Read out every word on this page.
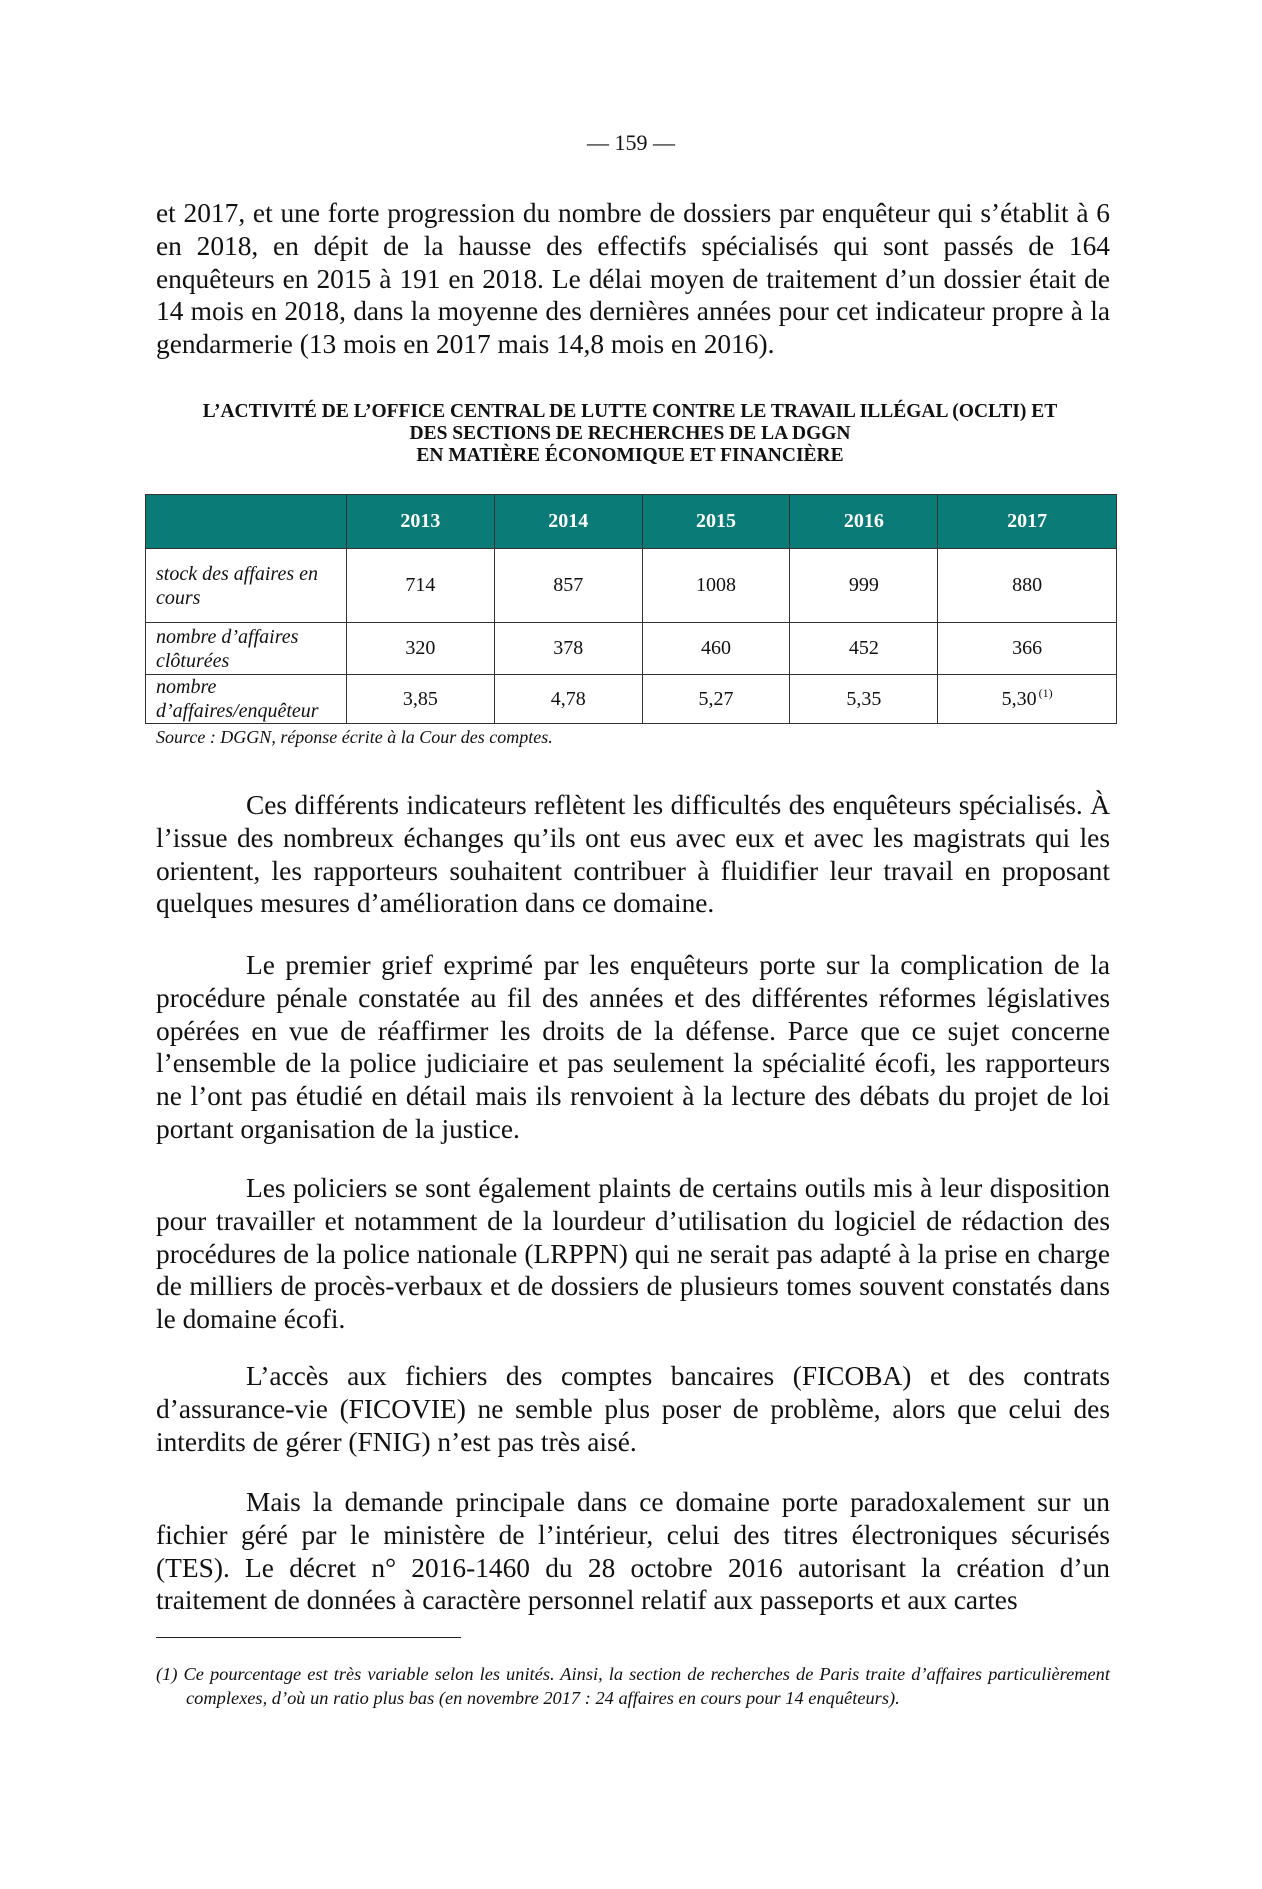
— 159 —

et 2017, et une forte progression du nombre de dossiers par enquêteur qui s’établit à 6 en 2018, en dépit de la hausse des effectifs spécialisés qui sont passés de 164 enquêteurs en 2015 à 191 en 2018. Le délai moyen de traitement d’un dossier était de 14 mois en 2018, dans la moyenne des dernières années pour cet indicateur propre à la gendarmerie (13 mois en 2017 mais 14,8 mois en 2016).

L’ACTIVITÉ DE L’OFFICE CENTRAL DE LUTTE CONTRE LE TRAVAIL ILLÉGAL (OCLTI) ET
DES SECTIONS DE RECHERCHES DE LA DGGN
EN MATIÈRE ÉCONOMIQUE ET FINANCIÈRE
	2013	2014	2015	2016	2017
stock des affaires en cours	714	857	1008	999	880
nombre d’affaires clôturées	320	378	460	452	366
nombre d’affaires/enquêteur	3,85	4,78	5,27	5,35	5,30 $^{(1)}$
Source : DGGN, réponse écrite à la Cour des comptes.

Ces différents indicateurs reflètent les difficultés des enquêteurs spécialisés. À l’issue des nombreux échanges qu’ils ont eus avec eux et avec les magistrats qui les orientent, les rapporteurs souhaitent contribuer à fluidifier leur travail en proposant quelques mesures d’amélioration dans ce domaine.

Le premier grief exprimé par les enquêteurs porte sur la complication de la procédure pénale constatée au fil des années et des différentes réformes législatives opérées en vue de réaffirmer les droits de la défense. Parce que ce sujet concerne l’ensemble de la police judiciaire et pas seulement la spécialité écofi, les rapporteurs ne l’ont pas étudié en détail mais ils renvoient à la lecture des débats du projet de loi portant organisation de la justice.

Les policiers se sont également plaints de certains outils mis à leur disposition pour travailler et notamment de la lourdeur d’utilisation du logiciel de rédaction des procédures de la police nationale (LRPPN) qui ne serait pas adapté à la prise en charge de milliers de procès-verbaux et de dossiers de plusieurs tomes souvent constatés dans le domaine écofi.

L’accès aux fichiers des comptes bancaires (FICOBA) et des contrats d’assurance-vie (FICOVIE) ne semble plus poser de problème, alors que celui des interdits de gérer (FNIG) n’est pas très aisé.

Mais la demande principale dans ce domaine porte paradoxalement sur un fichier géré par le ministère de l’intérieur, celui des titres électroniques sécurisés (TES). Le décret n° 2016-1460 du 28 octobre 2016 autorisant la création d’un traitement de données à caractère personnel relatif aux passeports et aux cartes

(1) Ce pourcentage est très variable selon les unités. Ainsi, la section de recherches de Paris traite d’affaires particulièrement complexes, d’où un ratio plus bas (en novembre 2017 : 24 affaires en cours pour 14 enquêteurs).
